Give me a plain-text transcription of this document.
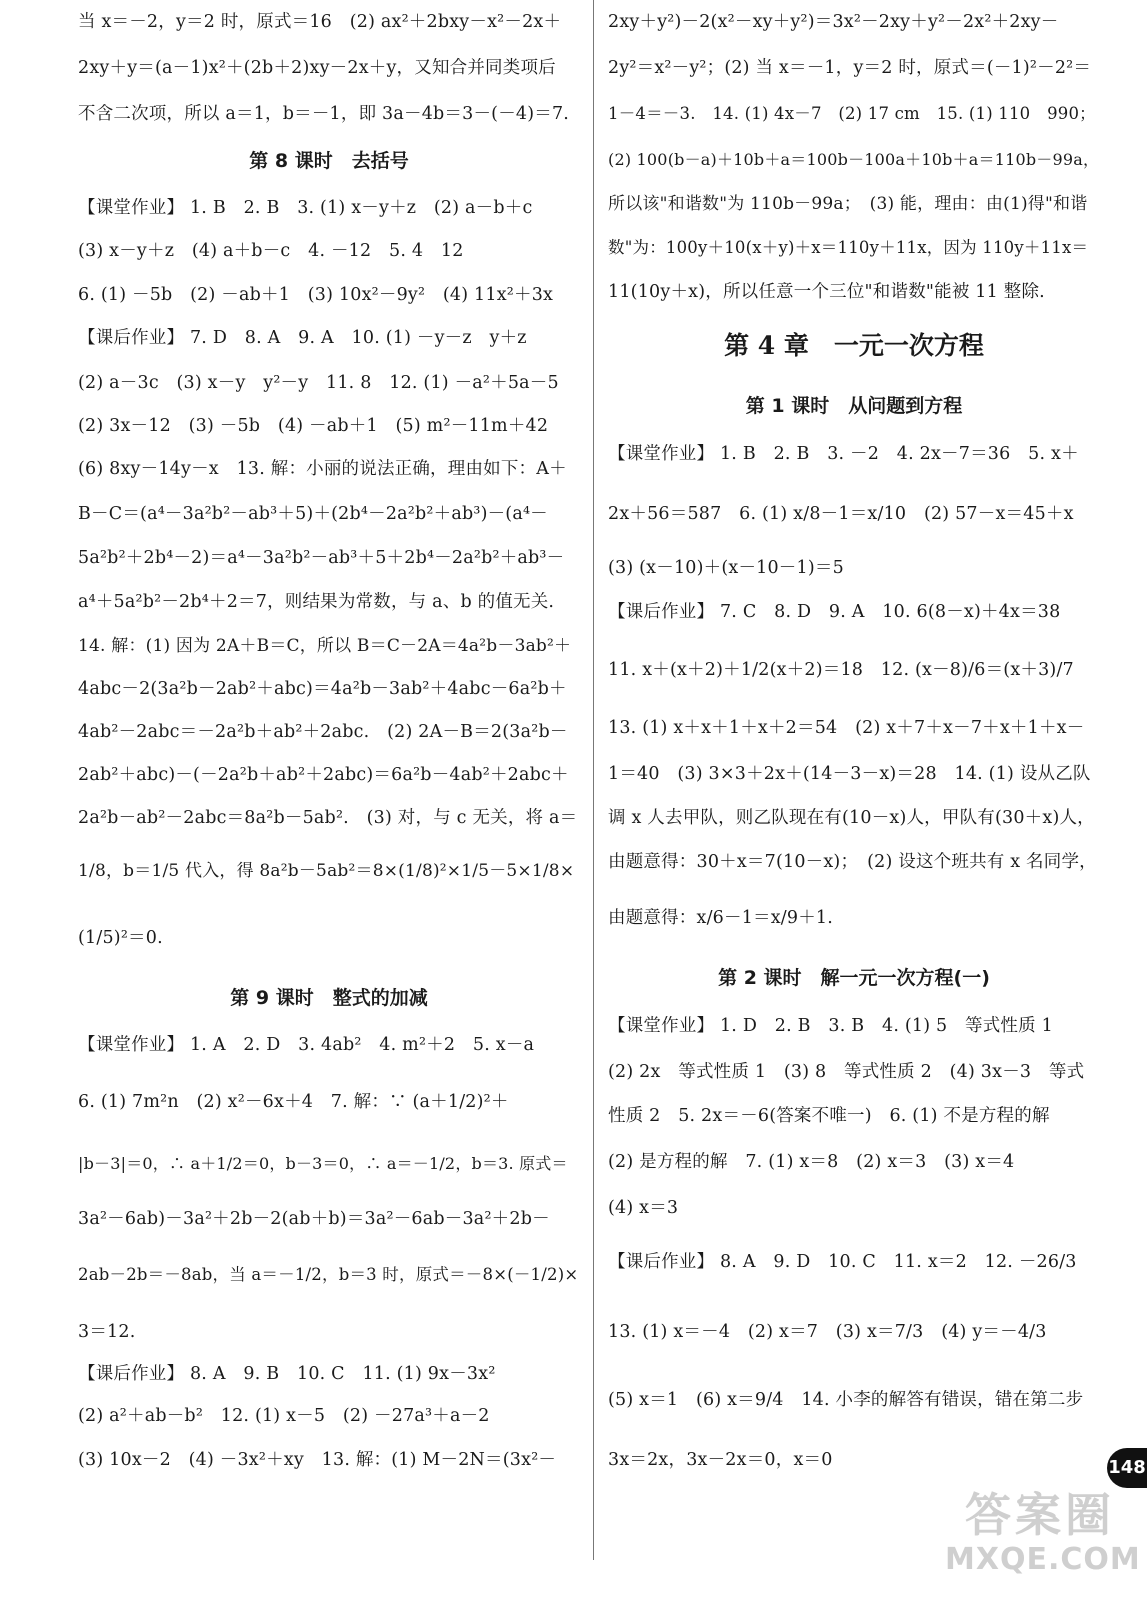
当 x＝－2，y＝2 时，原式＝16　(2) ax²＋2bxy－x²－2x＋
2xy＋y＝(a－1)x²＋(2b＋2)xy－2x＋y，又知合并同类项后
不含二次项，所以 a＝1，b＝－1，即 3a－4b＝3－(－4)＝7.
第 8 课时　去括号
【课堂作业】 1. B　2. B　3. (1) x－y＋z　(2) a－b＋c
(3) x－y＋z　(4) a＋b－c　4. －12　5. 4　12
6. (1) －5b　(2) －ab＋1　(3) 10x²－9y²　(4) 11x²＋3x
【课后作业】 7. D　8. A　9. A　10. (1) －y－z　y＋z
(2) a－3c　(3) x－y　y²－y　11. 8　12. (1) －a²＋5a－5
(2) 3x－12　(3) －5b　(4) －ab＋1　(5) m²－11m＋42
(6) 8xy－14y－x　13. 解：小丽的说法正确，理由如下：A＋
B－C＝(a⁴－3a²b²－ab³＋5)＋(2b⁴－2a²b²＋ab³)－(a⁴－
5a²b²＋2b⁴－2)＝a⁴－3a²b²－ab³＋5＋2b⁴－2a²b²＋ab³－
a⁴＋5a²b²－2b⁴＋2＝7，则结果为常数，与 a、b 的值无关.
14. 解：(1) 因为 2A＋B＝C，所以 B＝C－2A＝4a²b－3ab²＋
4abc－2(3a²b－2ab²＋abc)＝4a²b－3ab²＋4abc－6a²b＋
4ab²－2abc＝－2a²b＋ab²＋2abc.　(2) 2A－B＝2(3a²b－
2ab²＋abc)－(－2a²b＋ab²＋2abc)＝6a²b－4ab²＋2abc＋
2a²b－ab²－2abc＝8a²b－5ab².　(3) 对，与 c 无关，将 a＝
1/8，b＝1/5 代入，得 8a²b－5ab²＝8×(1/8)²×1/5－5×1/8×
(1/5)²＝0.
第 9 课时　整式的加减
【课堂作业】 1. A　2. D　3. 4ab²　4. m²＋2　5. x－a
6. (1) 7m²n　(2) x²－6x＋4　7. 解：∵ (a＋1/2)²＋
|b－3|＝0，∴ a＋1/2＝0，b－3＝0，∴ a＝－1/2，b＝3. 原式＝
3a²－6ab)－3a²＋2b－2(ab＋b)＝3a²－6ab－3a²＋2b－
2ab－2b＝－8ab，当 a＝－1/2，b＝3 时，原式＝－8×(－1/2)×
3＝12.
【课后作业】 8. A　9. B　10. C　11. (1) 9x－3x²
(2) a²＋ab－b²　12. (1) x－5　(2) －27a³＋a－2
(3) 10x－2　(4) －3x²＋xy　13. 解：(1) M－2N＝(3x²－
2xy＋y²)－2(x²－xy＋y²)＝3x²－2xy＋y²－2x²＋2xy－
2y²＝x²－y²；(2) 当 x＝－1，y＝2 时，原式＝(－1)²－2²＝
1－4＝－3.　14. (1) 4x－7　(2) 17 cm　15. (1) 110　990；
(2) 100(b－a)＋10b＋a＝100b－100a＋10b＋a＝110b－99a，
所以该"和谐数"为 110b－99a；　(3) 能，理由：由(1)得"和谐
数"为：100y＋10(x＋y)＋x＝110y＋11x，因为 110y＋11x＝
11(10y＋x)，所以任意一个三位"和谐数"能被 11 整除.
第 4 章　一元一次方程
第 1 课时　从问题到方程
【课堂作业】 1. B　2. B　3. －2　4. 2x－7＝36　5. x＋
2x＋56＝587　6. (1) x/8－1＝x/10　(2) 57－x＝45＋x
(3) (x－10)＋(x－10－1)＝5
【课后作业】 7. C　8. D　9. A　10. 6(8－x)＋4x＝38
11. x＋(x＋2)＋1/2(x＋2)＝18　12. (x－8)/6＝(x＋3)/7
13. (1) x＋x＋1＋x＋2＝54　(2) x＋7＋x－7＋x＋1＋x－
1＝40　(3) 3×3＋2x＋(14－3－x)＝28　14. (1) 设从乙队
调 x 人去甲队，则乙队现在有(10－x)人，甲队有(30＋x)人，
由题意得：30＋x＝7(10－x)；　(2) 设这个班共有 x 名同学，
由题意得：x/6－1＝x/9＋1.
第 2 课时　解一元一次方程(一)
【课堂作业】 1. D　2. B　3. B　4. (1) 5　等式性质 1
(2) 2x　等式性质 1　(3) 8　等式性质 2　(4) 3x－3　等式
性质 2　5. 2x＝－6(答案不唯一)　6. (1) 不是方程的解
(2) 是方程的解　7. (1) x＝8　(2) x＝3　(3) x＝4
(4) x＝3
【课后作业】 8. A　9. D　10. C　11. x＝2　12. －26/3
13. (1) x＝－4　(2) x＝7　(3) x＝7/3　(4) y＝－4/3
(5) x＝1　(6) x＝9/4　14. 小李的解答有错误，错在第二步
3x＝2x，3x－2x＝0，x＝0	148
答案圈
MXQE.COM
